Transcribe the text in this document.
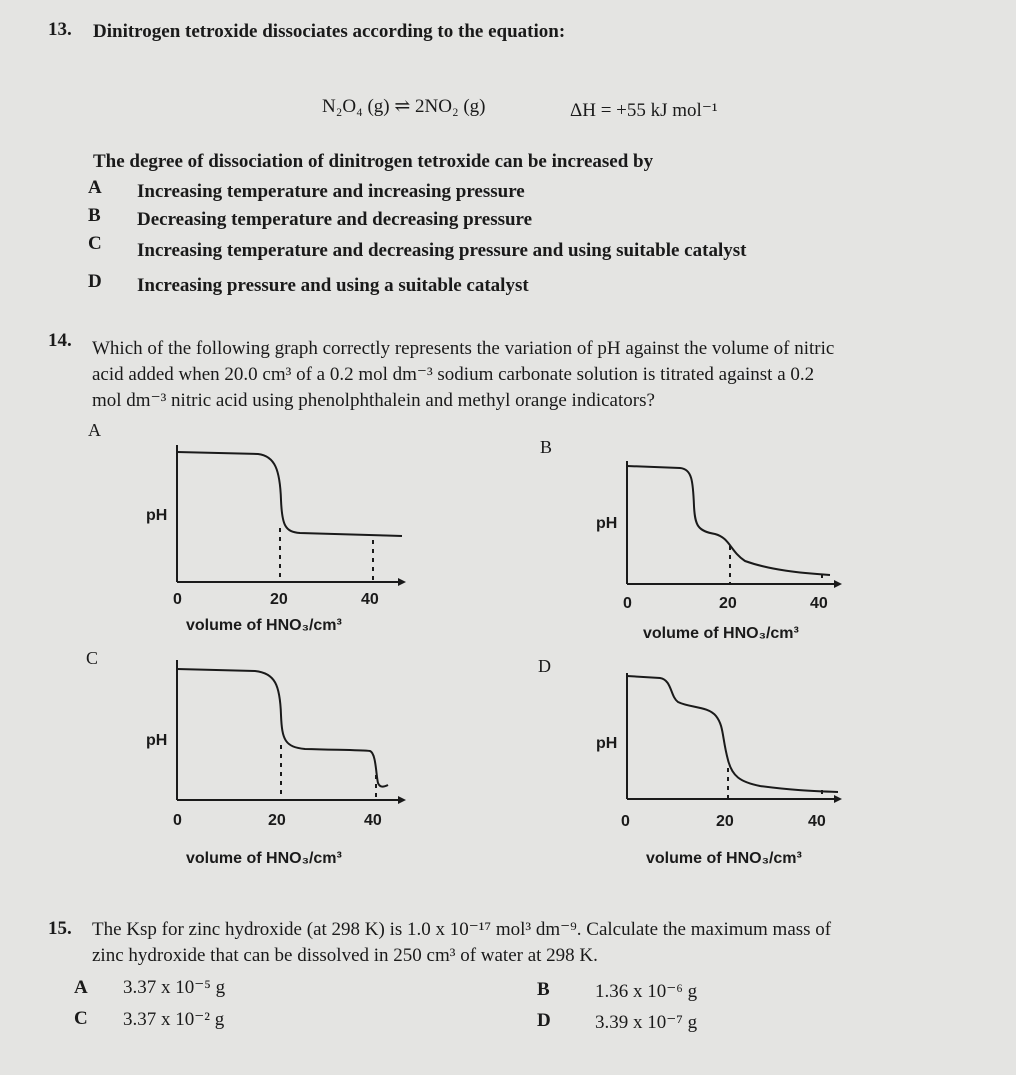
13. Dinitrogen tetroxide dissociates according to the equation:
N₂O₄ (g) ⇌ 2NO₂ (g)	ΔH = +55 kJ mol⁻¹
The degree of dissociation of dinitrogen tetroxide can be increased by
A Increasing temperature and increasing pressure
B Decreasing temperature and decreasing pressure
C Increasing temperature and decreasing pressure and using suitable catalyst
D Increasing pressure and using a suitable catalyst
14. Which of the following graph correctly represents the variation of pH against the volume of nitric
acid added when 20.0 cm³ of a 0.2 mol dm⁻³ sodium carbonate solution is titrated against a 0.2
mol dm⁻³ nitric acid using phenolphthalein and methyl orange indicators?
A
pH
0	20	40
volume of HNO₃/cm³
B
pH
0	20	40
volume of HNO₃/cm³
C
pH
0	20	40
volume of HNO₃/cm³
D
pH
0	20	40
volume of HNO₃/cm³
15. The Ksp for zinc hydroxide (at 298 K) is 1.0 x 10⁻¹⁷ mol³ dm⁻⁹. Calculate the maximum mass of
zinc hydroxide that can be dissolved in 250 cm³ of water at 298 K.
A 3.37 x 10⁻⁵ g	B 1.36 x 10⁻⁶ g
C 3.37 x 10⁻² g	D 3.39 x 10⁻⁷ g
